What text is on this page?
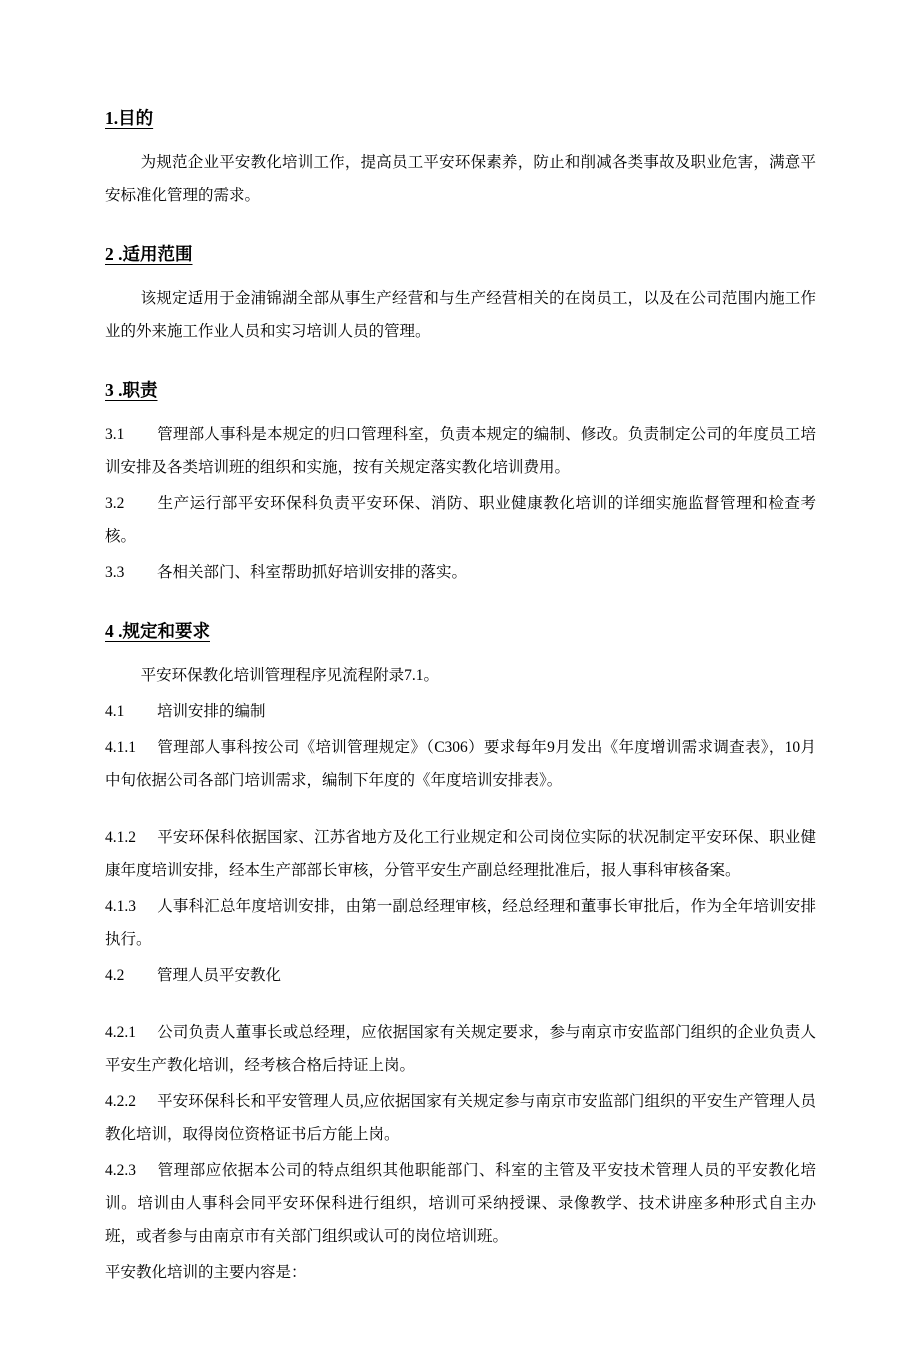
1.目的

为规范企业平安教化培训工作，提高员工平安环保素养，防止和削减各类事故及职业危害，满意平安标准化管理的需求。

2 .适用范围

该规定适用于金浦锦湖全部从事生产经营和与生产经营相关的在岗员工，以及在公司范围内施工作业的外来施工作业人员和实习培训人员的管理。

3 .职责

3.1 管理部人事科是本规定的归口管理科室，负责本规定的编制、修改。负责制定公司的年度员工培训安排及各类培训班的组织和实施，按有关规定落实教化培训费用。

3.2 生产运行部平安环保科负责平安环保、消防、职业健康教化培训的详细实施监督管理和检查考核。

3.3 各相关部门、科室帮助抓好培训安排的落实。

4 .规定和要求

平安环保教化培训管理程序见流程附录7.1。

4.1 培训安排的编制

4.1.1 管理部人事科按公司《培训管理规定》（C306）要求每年9月发出《年度增训需求调查表》，10月中旬依据公司各部门培训需求，编制下年度的《年度培训安排表》。

4.1.2 平安环保科依据国家、江苏省地方及化工行业规定和公司岗位实际的状况制定平安环保、职业健康年度培训安排，经本生产部部长审核，分管平安生产副总经理批准后，报人事科审核备案。

4.1.3 人事科汇总年度培训安排，由第一副总经理审核，经总经理和董事长审批后，作为全年培训安排执行。

4.2 管理人员平安教化

4.2.1 公司负责人董事长或总经理，应依据国家有关规定要求，参与南京市安监部门组织的企业负责人平安生产教化培训，经考核合格后持证上岗。

4.2.2 平安环保科长和平安管理人员,应依据国家有关规定参与南京市安监部门组织的平安生产管理人员教化培训，取得岗位资格证书后方能上岗。

4.2.3 管理部应依据本公司的特点组织其他职能部门、科室的主管及平安技术管理人员的平安教化培训。培训由人事科会同平安环保科进行组织，培训可采纳授课、录像教学、技术讲座多种形式自主办班，或者参与由南京市有关部门组织或认可的岗位培训班。

平安教化培训的主要内容是：
